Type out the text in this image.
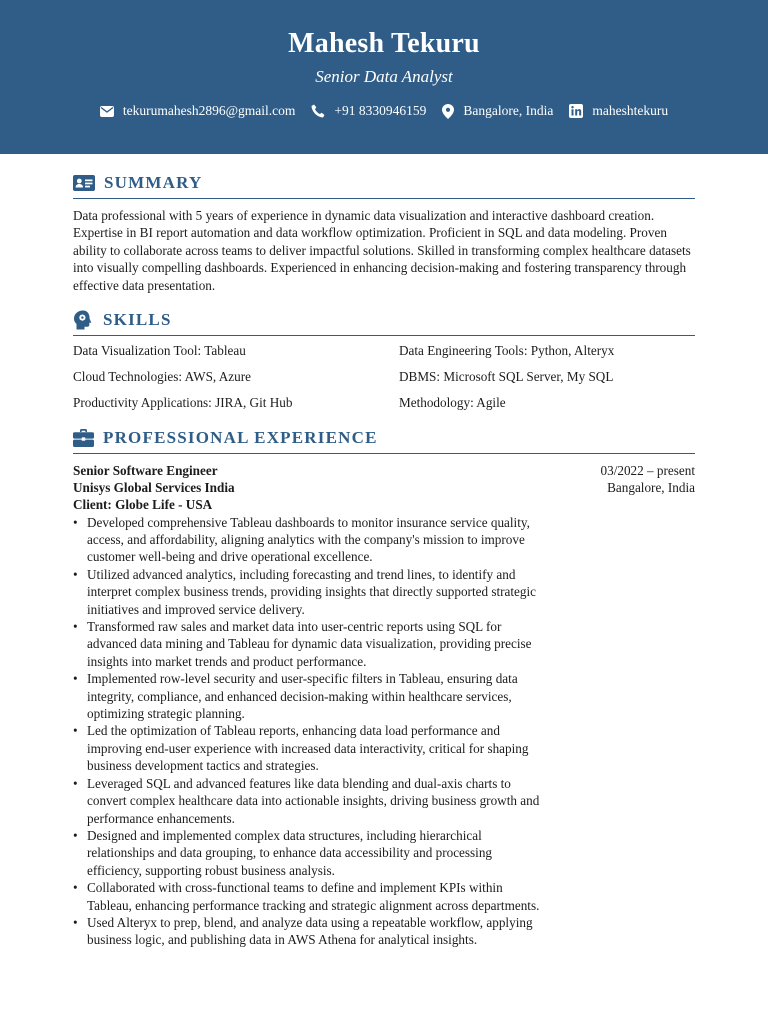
Mahesh Tekuru
Senior Data Analyst
tekurumahesh2896@gmail.com	+91 8330946159	Bangalore, India	maheshtekuru
SUMMARY

Data professional with 5 years of experience in dynamic data visualization and interactive dashboard creation. Expertise in BI report automation and data workflow optimization. Proficient in SQL and data modeling. Proven ability to collaborate across teams to deliver impactful solutions. Skilled in transforming complex healthcare datasets into visually compelling dashboards. Experienced in enhancing decision-making and fostering transparency through effective data presentation.

SKILLS
Data Visualization Tool: Tableau	Data Engineering Tools: Python, Alteryx
Cloud Technologies: AWS, Azure	DBMS: Microsoft SQL Server, My SQL
Productivity Applications: JIRA, Git Hub	Methodology: Agile
PROFESSIONAL EXPERIENCE
Senior Software Engineer
Unisys Global Services India
Client: Globe Life - USA
03/2022 – present
Bangalore, India
• Developed comprehensive Tableau dashboards to monitor insurance service quality, access, and affordability, aligning analytics with the company's mission to improve customer well-being and drive operational excellence.
• Utilized advanced analytics, including forecasting and trend lines, to identify and interpret complex business trends, providing insights that directly supported strategic initiatives and improved service delivery.
• Transformed raw sales and market data into user-centric reports using SQL for advanced data mining and Tableau for dynamic data visualization, providing precise insights into market trends and product performance.
• Implemented row-level security and user-specific filters in Tableau, ensuring data integrity, compliance, and enhanced decision-making within healthcare services, optimizing strategic planning.
• Led the optimization of Tableau reports, enhancing data load performance and improving end-user experience with increased data interactivity, critical for shaping business development tactics and strategies.
• Leveraged SQL and advanced features like data blending and dual-axis charts to convert complex healthcare data into actionable insights, driving business growth and performance enhancements.
• Designed and implemented complex data structures, including hierarchical relationships and data grouping, to enhance data accessibility and processing efficiency, supporting robust business analysis.
• Collaborated with cross-functional teams to define and implement KPIs within Tableau, enhancing performance tracking and strategic alignment across departments.
• Used Alteryx to prep, blend, and analyze data using a repeatable workflow, applying business logic, and publishing data in AWS Athena for analytical insights.
